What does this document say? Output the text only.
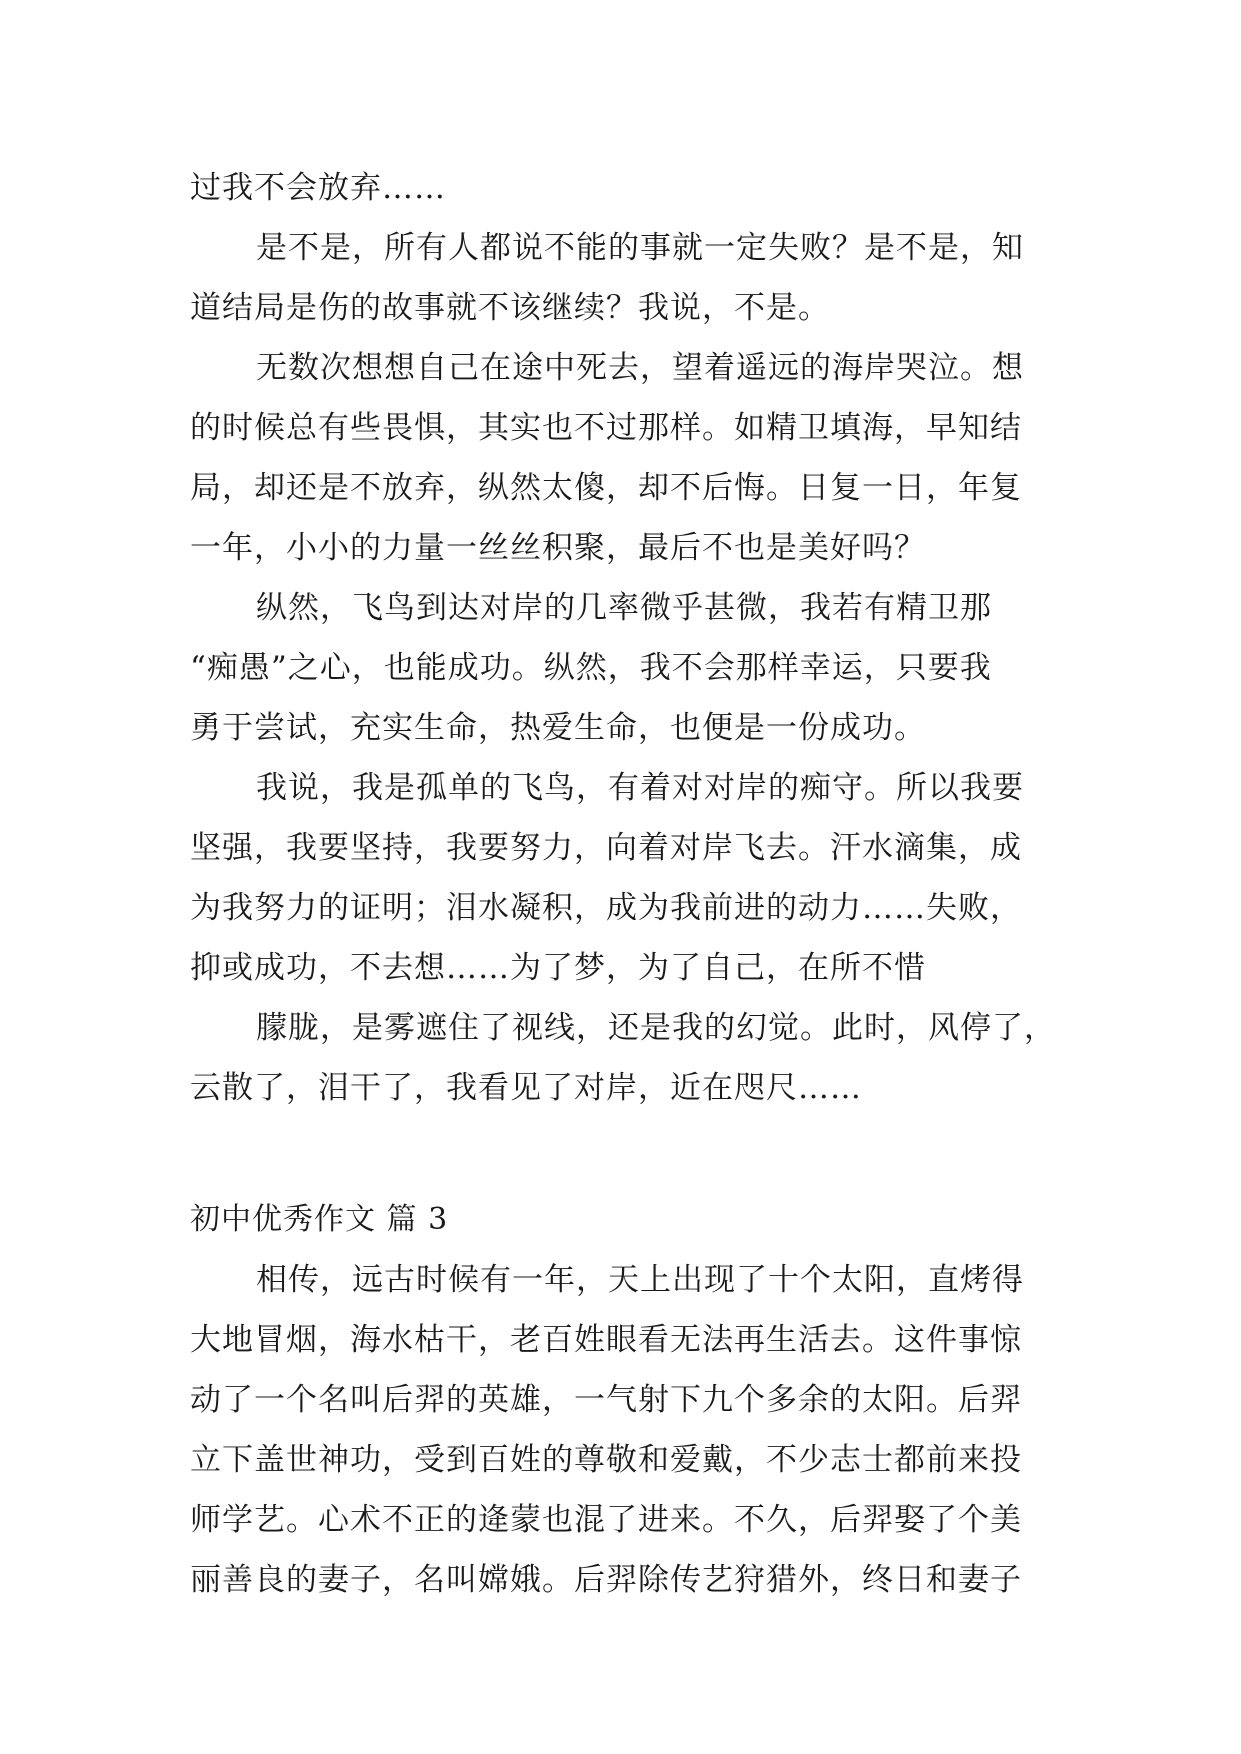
过我不会放弃……
是不是，所有人都说不能的事就一定失败？是不是，知
道结局是伤的故事就不该继续？我说，不是。
无数次想想自己在途中死去，望着遥远的海岸哭泣。想
的时候总有些畏惧，其实也不过那样。如精卫填海，早知结
局，却还是不放弃，纵然太傻，却不后悔。日复一日，年复
一年，小小的力量一丝丝积聚，最后不也是美好吗？
纵然，飞鸟到达对岸的几率微乎甚微，我若有精卫那
“痴愚”之心，也能成功。纵然，我不会那样幸运，只要我
勇于尝试，充实生命，热爱生命，也便是一份成功。
我说，我是孤单的飞鸟，有着对对岸的痴守。所以我要
坚强，我要坚持，我要努力，向着对岸飞去。汗水滴集，成
为我努力的证明；泪水凝积，成为我前进的动力……失败，
抑或成功，不去想……为了梦，为了自己，在所不惜
朦胧，是雾遮住了视线，还是我的幻觉。此时，风停了，
云散了，泪干了，我看见了对岸，近在咫尺……
初中优秀作文 篇 3
相传，远古时候有一年，天上出现了十个太阳，直烤得
大地冒烟，海水枯干，老百姓眼看无法再生活去。这件事惊
动了一个名叫后羿的英雄，一气射下九个多余的太阳。后羿
立下盖世神功，受到百姓的尊敬和爱戴，不少志士都前来投
师学艺。心术不正的逄蒙也混了进来。不久，后羿娶了个美
丽善良的妻子，名叫嫦娥。后羿除传艺狩猎外，终日和妻子
